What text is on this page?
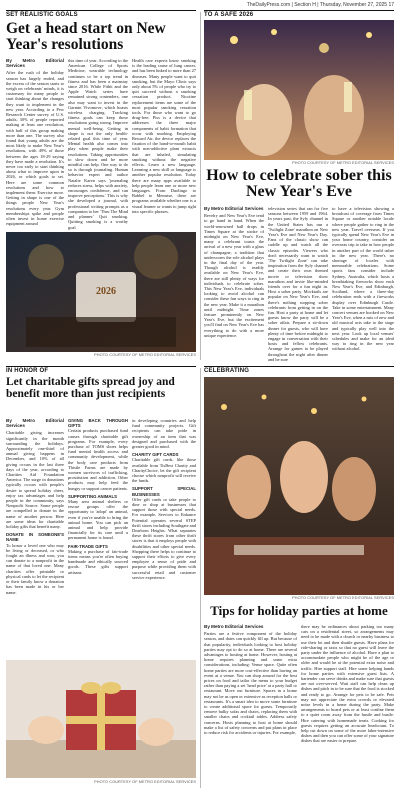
TheDailyPress.com | Section H | Thursday, November 27, 2025 17
SET REALISTIC GOALS
Get a head start on New Year's resolutions
By Metro Editorial Services
After the rush of the holiday season has largely ended, and the excess of the season starts to weigh on celebrants' minds, it is customary for many people to start thinking about the changes they want to implement in the new year. According to a Pew Research Center survey of U.S. adults, 30% of people reported making at least one resolution, with half of this group making more than one. The survey also found that young adults are the most likely to make New Year's resolutions, with 49% of those between the ages 18-29 saying they have made a resolution. It's never too early to start thinking about what to improve upon in 2026, or which goals to set. Here are some common resolutions and how to implement them: Exercise more. Getting in shape is one of the things people New Year's resolutions every year. Gym memberships spike and people often invest in home exercise equipment around
this time of year. According to the American College of Sports Medicine, wearable technology continues to be a top trend in fitness and has been a mainstay since 2016. While Fitbit and the Apple Watch series have remained strong contenders, one also may want to invest in the Garmin Vivomove, which boasts wireless charging. Tracking fitness goals can keep those resolutions going strong. Improve mental well-being. Getting in shape is not the only health-related goal this time of year. Mental health also comes into play when people make their resolutions. Taking opportunities to slow down and be more mindful can help. One way to do so is through journaling. Human behavior expert and author Natalie Karen says 'journaling reduces stress, helps with anxiety, encourages confidence, and can improve perceptions.' This is why she developed a journal, with professional writing prompts as a companion to her 'Thru The Mind and planner.' Quit smoking. Quitting smoking is a worthy goal.
Health care experts know smoking is the leading cause of lung cancer, and has been linked to more than 27 diseases. Many people want to quit smoking, but the Mayo Clinic says only about 5% of people who try to quit succeed without a smoking cessation product. Nicotine replacement items are some of the most popular smoking cessation tools. For those who want to go drug-free, Piss is a device that addresses the three major components of habit formation that occur with smoking. Employing Reward Air, the device replaces the fixation of the hand-to-mouth habit with non-addictive plant extracts that are inhaled, simulating smoking without the negative effects. Learn a new language. Learning a new skill or language is another popular resolution. Today there are many apps available to help people learn one or more new languages. From Duolingo to Babbel to Memrise, there are programs available whether one is a visual learner or wants to jump right into specific phrases.
2026
PHOTO COURTESY OF METRO EDITORIAL SERVICES
TO A SAFE 2026
PHOTO COURTESY OF METRO EDITORIAL SERVICES
How to celebrate sober this New Year's Eve
By Metro Editorial Services
Revelry and New Year's Eve tend to go hand in hand. When the world-renowned ball drops in Times Square at the stroke of midnight on New Year's Eve, many a celebrant toasts the arrival of a new year with a glass of champagne, a tradition that underscores the role alcohol plays in the final day of the year. Though alcohol is readily available on New Year's Eve, there are still plenty of ways for individuals to celebrate sober. This New Year's Eve, individuals looking to avoid alcohol can consider these fun ways to ring in the new year. Make it a marathon until midnight. Time zones feature prominently on New Year's Eve, but the excitement you'll find on New Year's Eve has everything to do with a more unique experience.
television series that ran for five seasons between 1959 and 1964. In years past, the Syfy channel in the United States has run a 'Twilight Zone' marathon on New Year's Eve and New Year's Day. Fans of the classic show can cuddle up and watch all the classic episodes. Viewers who don't necessarily want to watch 'The Twilight Zone' can take inspiration from the Syfy channel and create their own themed movie or television show marathon and invite like-minded friends over for a fun night in. Host a sober party. Mocktails are popular on New Year's Eve, and there's nothing stopping sober celebrants from getting in on the fun. Host a party at home and let guests know the party will be a sober affair. Prepare a sit-down dinner for guests, who will have plenty of time before midnight to engage in conversation with their hosts and fellow celebrants. Arrange for games to be played throughout the night after dinner and be sure
to have a television showing a broadcast of coverage from Times Square or another notable locale where people gather to ring in the new year. Travel overseas. If you typically spend New Year's Eve in your home country, consider an overseas trip to take in how people in another part of the world usher in the new year. There's no shortage of locales with memorable celebrations. Some sports fans consider include Sydney, Australia, which hosts a breathtaking fireworks show each New Year's Eve, and Edinburgh, Scotland, where a three-day celebration ends with a fireworks display over Edinburgh Castle. Take in some entertainment. Many concert venues are booked on New Year's Eve, when a mix of new and old musical acts take to the stage and typically play well into the next year. Look up local venues' schedules and make for an ideal way to ring in the new year without alcohol.
IN HONOR OF
Let charitable gifts spread joy and benefit more than just recipients
By Metro Editorial Services
Charitable giving increases significantly in the month surrounding the holidays. Approximately one-third of annual giving happens in December, and 10% of all giving occurs in the last three days of the year, according to Charities Aid Foundation America. The surge in donations typically occurs with people's desire to spread holiday cheer, enjoy tax advantages and help people in the community, says Nonprofit Source. Some people are compelled to donate in the name of another person. Here are some ideas for charitable holiday gifts that benefit many.
DONATE IN SOMEONE'S NAME
To honor a loved one who may be living or deceased, or who fought an illness and won, you can donate to a nonprofit in the name of that loved one. Many charities offer printable or physical cards to let the recipient or their family know a donation has been made in his or her name.
GIVING BACK THROUGH GIFTS
Certain products purchased fund causes through charitable gift programs. For example, every purchase of TOMS shoes helps fund mental health access and community development, while the body care products from Thistle Farms are made by women survivors of trafficking, prostitution and addiction. Other products may help feed the hungry or support cancer patients.
SUPPORTING ANIMALS
Many area animal shelters or rescue groups offer the opportunity to 'adopt' an animal, even if you're unable to bring the animal home. You can pick an animal and help provide financially for its care until a permanent home is found.
FAIR-TRADE GIFTS
Making a purchase of fair-trade items means you're often buying handmade and ethically sourced goods. These gifts support artisans
in developing countries and help fund community projects. Gift recipients can take pride in ownership of an item that was designed and purchased with the greater good in mind.
CHARITY GIFT CARDS
Charitable gift cards, like those available from TisBest Charity and CharityChoice, let the gift recipient choose which nonprofit will receive the funds.
SUPPORT SPECIAL BUSINESSES
Offer gift cards or take people to dine or shop at businesses that support those with special needs. For example, Services to Enhance Potential operates several STEP thrift stores including Southgate and Dearborn Heights. What separates these thrift stores from other thrift stores is that it employs people with disabilities and other special needs. Shopping there helps to continue to support their efforts to give every employee a sense of pride and purpose while providing them with successful retail and customer service experience.
PHOTO COURTESY OF METRO EDITORIAL SERVICES
CELEBRATING
PHOTO COURTESY OF METRO EDITORIAL SERVICES
Tips for holiday parties at home
By Metro Editorial Services
Parties are a festive component of the holiday season, and dates can quickly fill up. But because of that popularity, individuals looking to host holiday parties may opt to do so at home. There are several advantages to hosting at home. However, hosting at home requires planning and some extra considerations, including: Venue space. Quite often home parties are more cost-effective than having an event at a venue. You can shop around for the best prices on food and tailor the menu to your budget rather than paying a set 'head price' at a party hall or restaurant. Move out furniture. Spaces in a home may not be as open or extensive as reception halls or restaurants. It's a smart idea to move some furniture to create additional space for guests. Temporarily remove bulky sofas and chairs, replacing them with smaller chairs and cocktail tables. Address safety concerns. Hosts planning to host at home should make a list of safety concerns and put plans in place to reduce risk for accidents or injuries. For example,
there may be ordinances about parking too many cars on a residential street, so arrangements may need to be made with a church or nearby business to use their lot and then shuttle guests. Have plans for ride-sharing or taxis so that no guest will leave the party under the influence of alcohol. Have a plan to accommodate people who might be of the age or older and would be at the potential extra noise and traffic. Hire support staff. Hire some helping hands for home parties with extensive guest lists. A bartender can serve drinks and make sure that guests are not over-served. Wait staff can help clean up dishes and pitch in to be sure that the food is stocked and ready to go. Arrange for pets to be safe. Pets may not appreciate the extra crowds or elevated noise levels in a home during the party. Make arrangements to board pets or at least confine them to a quiet room away from the hustle and bustle. Hire catering with homemade treats. Cooking for guests requires getting an accurate headcount. To help cut down on some of the more labor-intensive dishes and then you can offer some of your signature dishes that are easier to prepare.
